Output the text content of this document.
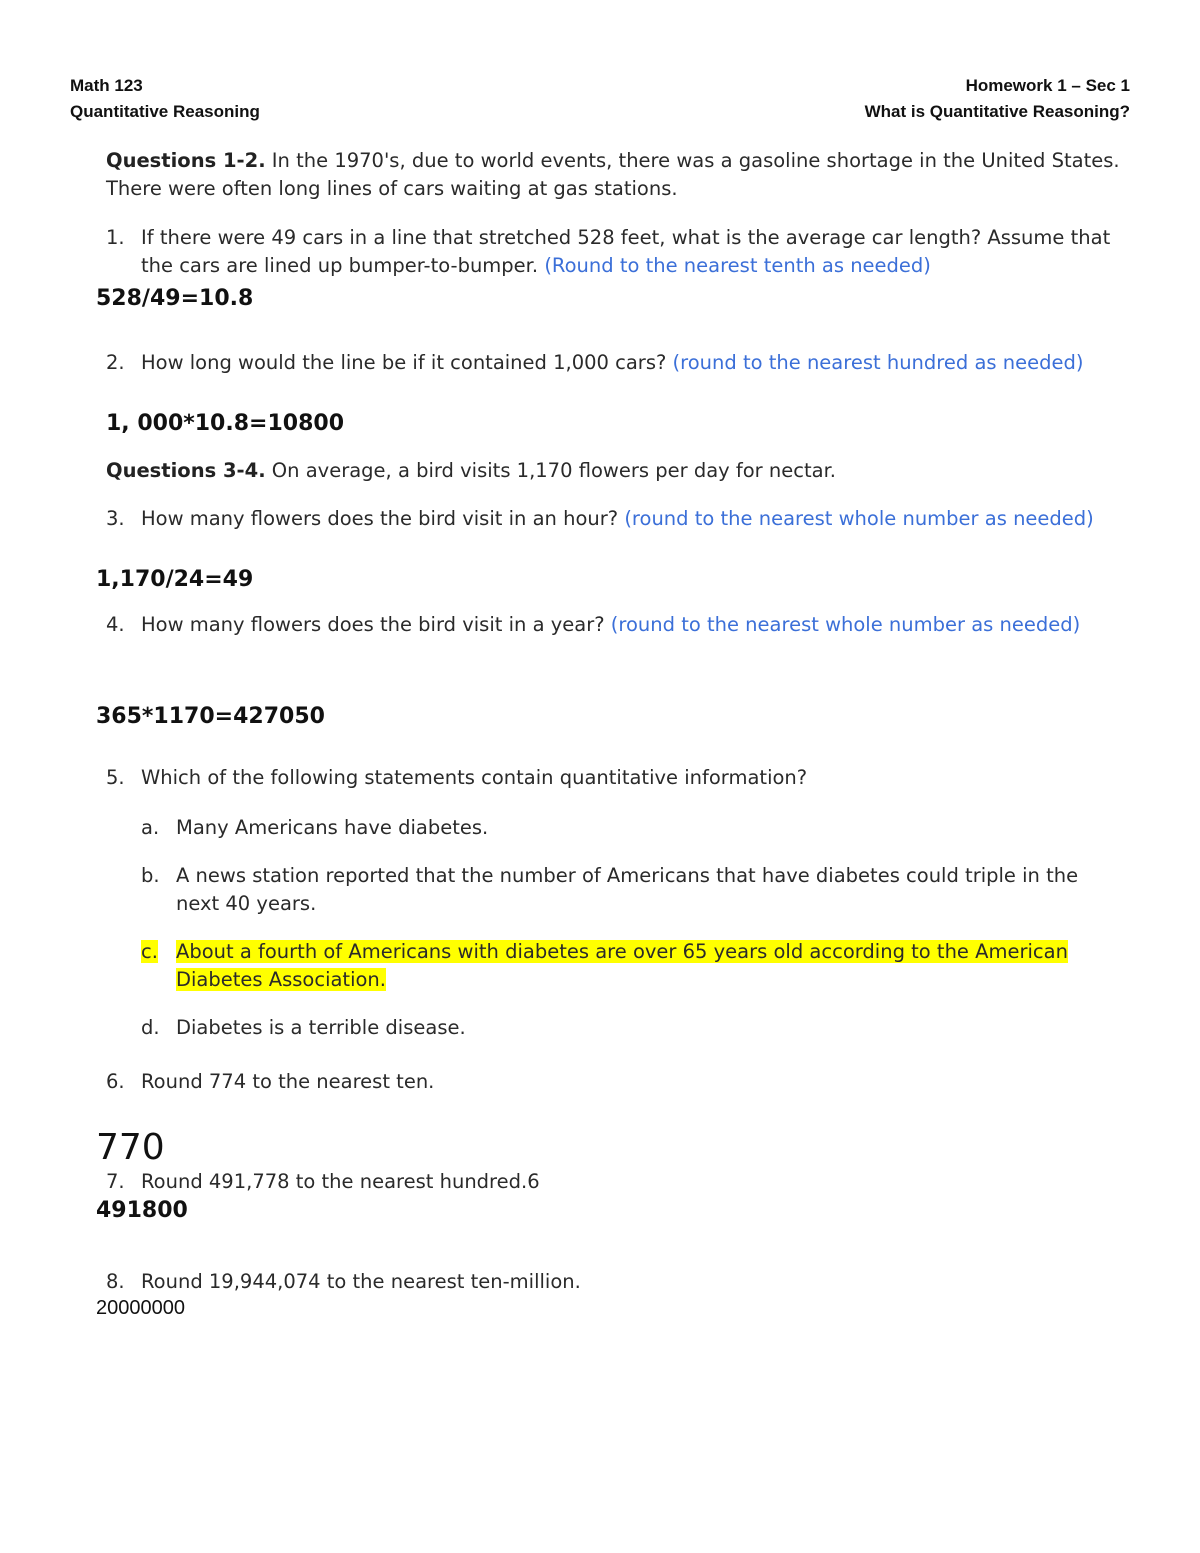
Math 123
Quantitative Reasoning
Homework 1 – Sec 1
What is Quantitative Reasoning?
Questions 1-2. In the 1970's, due to world events, there was a gasoline shortage in the United States. There were often long lines of cars waiting at gas stations.
1. If there were 49 cars in a line that stretched 528 feet, what is the average car length? Assume that the cars are lined up bumper-to-bumper. (Round to the nearest tenth as needed)
528/49=10.8
2. How long would the line be if it contained 1,000 cars? (round to the nearest hundred as needed)
1, 000*10.8=10800
Questions 3-4. On average, a bird visits 1,170 flowers per day for nectar.
3. How many flowers does the bird visit in an hour? (round to the nearest whole number as needed)
1,170/24=49
4. How many flowers does the bird visit in a year? (round to the nearest whole number as needed)
365*1170=427050
5. Which of the following statements contain quantitative information?
a. Many Americans have diabetes.
b. A news station reported that the number of Americans that have diabetes could triple in the next 40 years.
c. About a fourth of Americans with diabetes are over 65 years old according to the American Diabetes Association.
d. Diabetes is a terrible disease.
6. Round 774 to the nearest ten.
770
7. Round 491,778 to the nearest hundred.6
491800
8. Round 19,944,074 to the nearest ten-million.
20000000
